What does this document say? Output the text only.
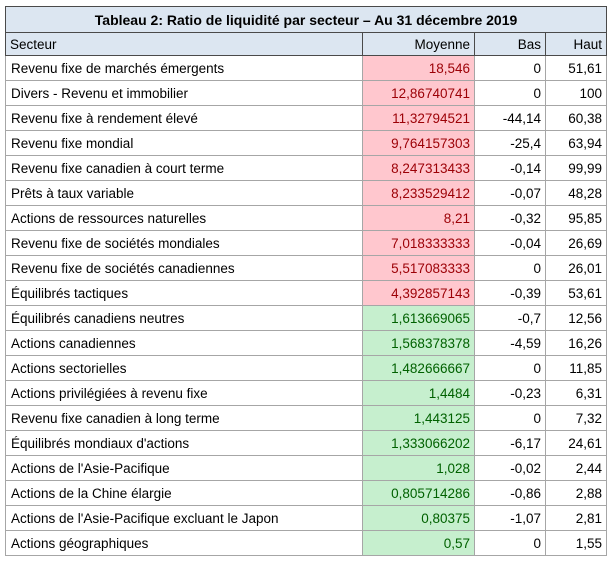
Tableau 2: Ratio de liquidité par secteur – Au 31 décembre 2019			
Secteur	Moyenne	Bas	Haut
Revenu fixe de marchés émergents	18,546	0	51,61
Divers - Revenu et immobilier	12,86740741	0	100
Revenu fixe à rendement élevé	11,32794521	-44,14	60,38
Revenu fixe mondial	9,764157303	-25,4	63,94
Revenu fixe canadien à court terme	8,247313433	-0,14	99,99
Prêts à taux variable	8,233529412	-0,07	48,28
Actions de ressources naturelles	8,21	-0,32	95,85
Revenu fixe de sociétés mondiales	7,018333333	-0,04	26,69
Revenu fixe de sociétés canadiennes	5,517083333	0	26,01
Équilibrés tactiques	4,392857143	-0,39	53,61
Équilibrés canadiens neutres	1,613669065	-0,7	12,56
Actions canadiennes	1,568378378	-4,59	16,26
Actions sectorielles	1,482666667	0	11,85
Actions privilégiées à revenu fixe	1,4484	-0,23	6,31
Revenu fixe canadien à long terme	1,443125	0	7,32
Équilibrés mondiaux d'actions	1,333066202	-6,17	24,61
Actions de l'Asie-Pacifique	1,028	-0,02	2,44
Actions de la Chine élargie	0,805714286	-0,86	2,88
Actions de l'Asie-Pacifique excluant le Japon	0,80375	-1,07	2,81
Actions géographiques	0,57	0	1,55
